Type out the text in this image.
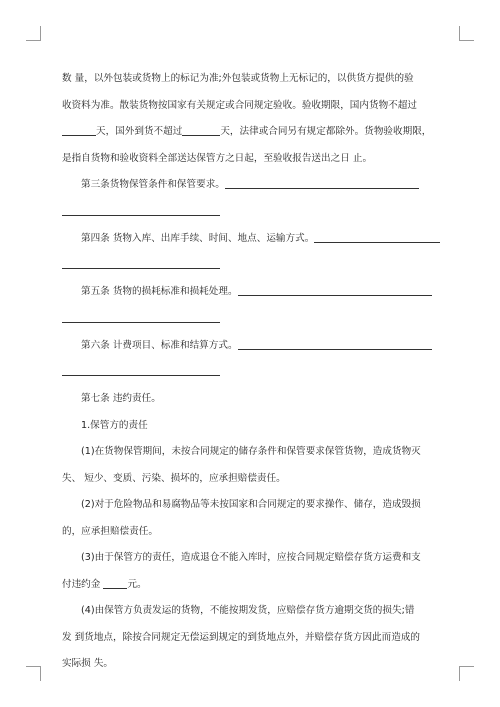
数 量，以外包装或货物上的标记为准;外包装或货物上无标记的，以供货方提供的验

收资料为准。散装货物按国家有关规定或合同规定验收。验收期限，国内货物不超过

天，国外到货不超过	天，法律或合同另有规定都除外。货物验收期限，

是指自货物和验收资料全部送达保管方之日起，至验收报告送出之日 止。

第三条货物保管条件和保管要求。

第四条 货物入库、出库手续、时间、地点、运输方式。

第五条 货物的损耗标准和损耗处理。

第六条 计费项目、标准和结算方式。

第七条 违约责任。

1.保管方的责任

(1)在货物保管期间，未按合同规定的储存条件和保管要求保管货物，造成货物灭

失、 短少、变质、污染、损坏的，应承担赔偿责任。

(2)对于危险物品和易腐物品等未按国家和合同规定的要求操作、储存，造成毁损

的，应承担赔偿责任。

(3)由于保管方的责任，造成退仓不能入库时，应按合同规定赔偿存货方运费和支

付违约金	元。

(4)由保管方负责发运的货物，不能按期发货，应赔偿存货方逾期交货的损失;错

发 到货地点，除按合同规定无偿运到规定的到货地点外，并赔偿存货方因此而造成的

实际损 失。
